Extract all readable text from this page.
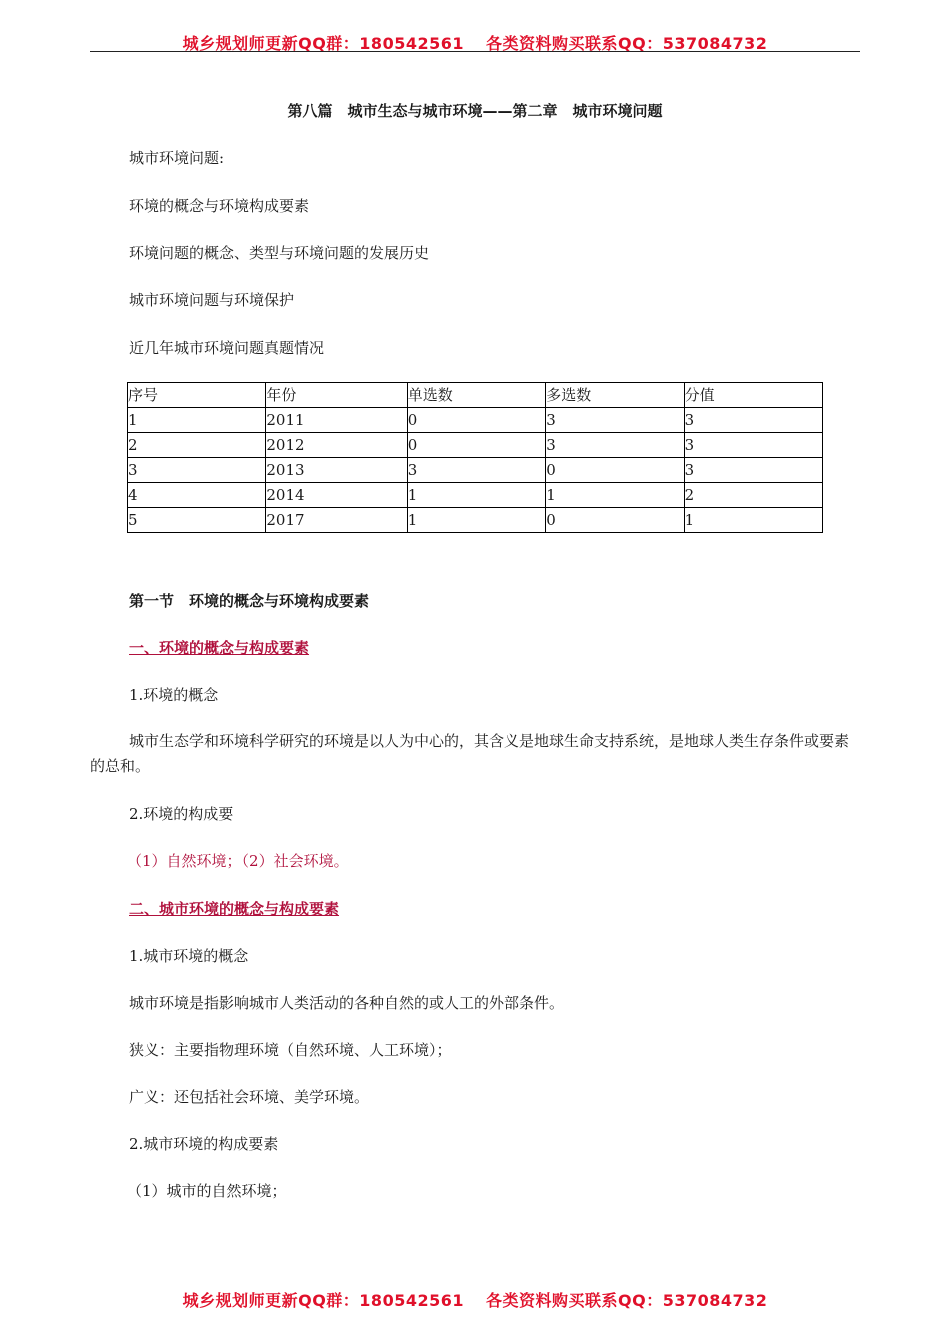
城乡规划师更新QQ群：180542561 各类资料购买联系QQ：537084732
第八篇　城市生态与城市环境——第二章　城市环境问题
城市环境问题:
环境的概念与环境构成要素
环境问题的概念、类型与环境问题的发展历史
城市环境问题与环境保护
近几年城市环境问题真题情况
序号	年份	单选数	多选数	分值
1	2011	0	3	3
2	2012	0	3	3
3	2013	3	0	3
4	2014	1	1	2
5	2017	1	0	1
第一节　环境的概念与环境构成要素
一、环境的概念与构成要素
1.环境的概念
城市生态学和环境科学研究的环境是以人为中心的，其含义是地球生命支持系统，是地球人类生存条件或要素的总和。
2.环境的构成要
（1）自然环境；（2）社会环境。
二、城市环境的概念与构成要素
1.城市环境的概念
城市环境是指影响城市人类活动的各种自然的或人工的外部条件。
狭义：主要指物理环境（自然环境、人工环境）；
广义：还包括社会环境、美学环境。
2.城市环境的构成要素
（1）城市的自然环境；
城乡规划师更新QQ群：180542561 各类资料购买联系QQ：537084732
